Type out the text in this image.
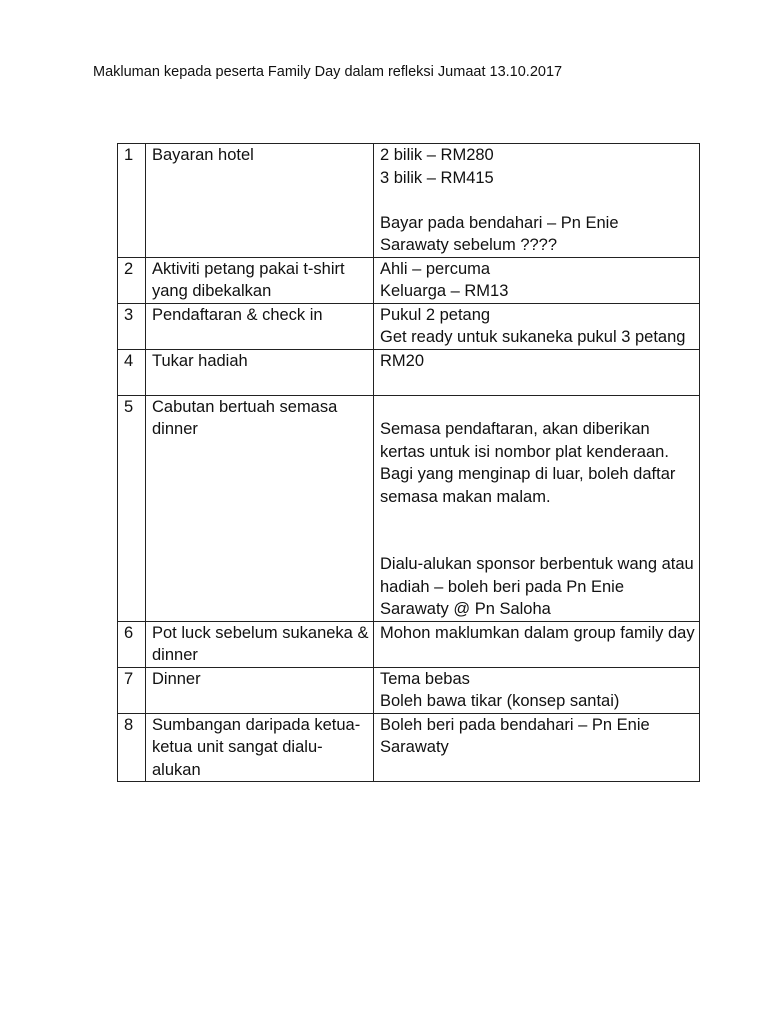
Makluman kepada peserta Family Day dalam refleksi Jumaat 13.10.2017
1	Bayaran hotel	2 bilik – RM280
3 bilik – RM415
Bayar pada bendahari – Pn Enie
Sarawaty sebelum ????

2	Aktiviti petang pakai t-shirt yang dibekalkan	Ahli – percuma
Keluarga – RM13

3	Pendaftaran & check in	Pukul 2 petang
Get ready untuk sukaneka pukul 3 petang

4	Tukar hadiah	RM20

5	Cabutan bertuah semasa dinner	Semasa pendaftaran, akan diberikan kertas untuk isi nombor plat kenderaan.
Bagi yang menginap di luar, boleh daftar semasa makan malam.
Dialu-alukan sponsor berbentuk wang atau hadiah – boleh beri pada Pn Enie Sarawaty @ Pn Saloha

6	Pot luck sebelum sukaneka & dinner	Mohon maklumkan dalam group family day

7	Dinner	Tema bebas
Boleh bawa tikar (konsep santai)

8	Sumbangan daripada ketua-ketua unit sangat dialu-alukan	Boleh beri pada bendahari – Pn Enie Sarawaty
